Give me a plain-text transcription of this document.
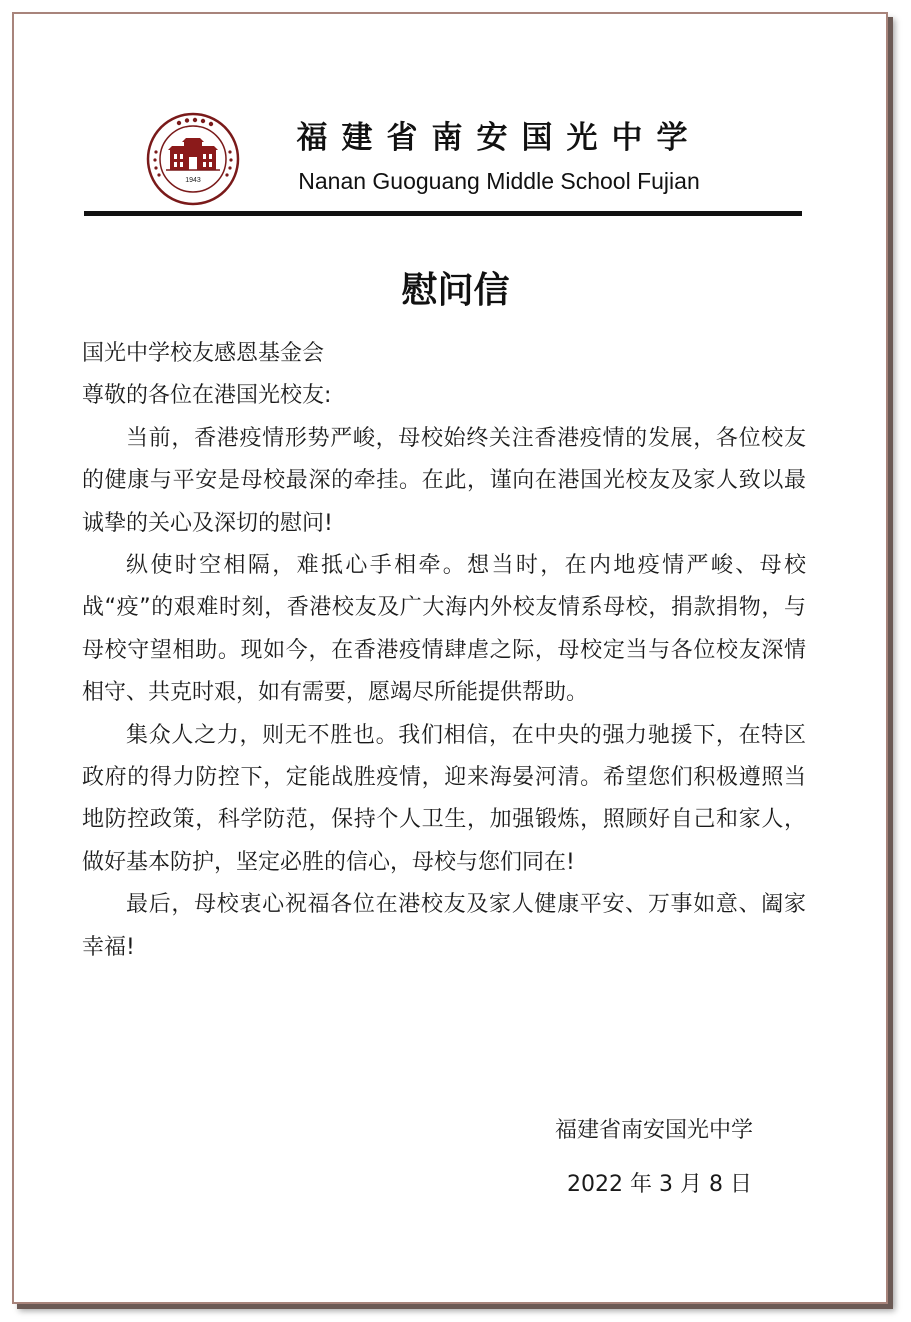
1943
福建省南安国光中学
Nanan Guoguang Middle School Fujian
慰问信
国光中学校友感恩基金会
尊敬的各位在港国光校友:
当前，香港疫情形势严峻，母校始终关注香港疫情的发展，各位校友的健康与平安是母校最深的牵挂。在此，谨向在港国光校友及家人致以最诚挚的关心及深切的慰问!
纵使时空相隔，难抵心手相牵。想当时，在内地疫情严峻、母校战“疫”的艰难时刻，香港校友及广大海内外校友情系母校，捐款捐物，与母校守望相助。现如今，在香港疫情肆虐之际，母校定当与各位校友深情相守、共克时艰，如有需要，愿竭尽所能提供帮助。
集众人之力，则无不胜也。我们相信，在中央的强力驰援下，在特区政府的得力防控下，定能战胜疫情，迎来海晏河清。希望您们积极遵照当地防控政策，科学防范，保持个人卫生，加强锻炼，照顾好自己和家人，做好基本防护，坚定必胜的信心，母校与您们同在!
最后，母校衷心祝福各位在港校友及家人健康平安、万事如意、阖家幸福!
福建省南安国光中学
2022 年 3 月 8 日
